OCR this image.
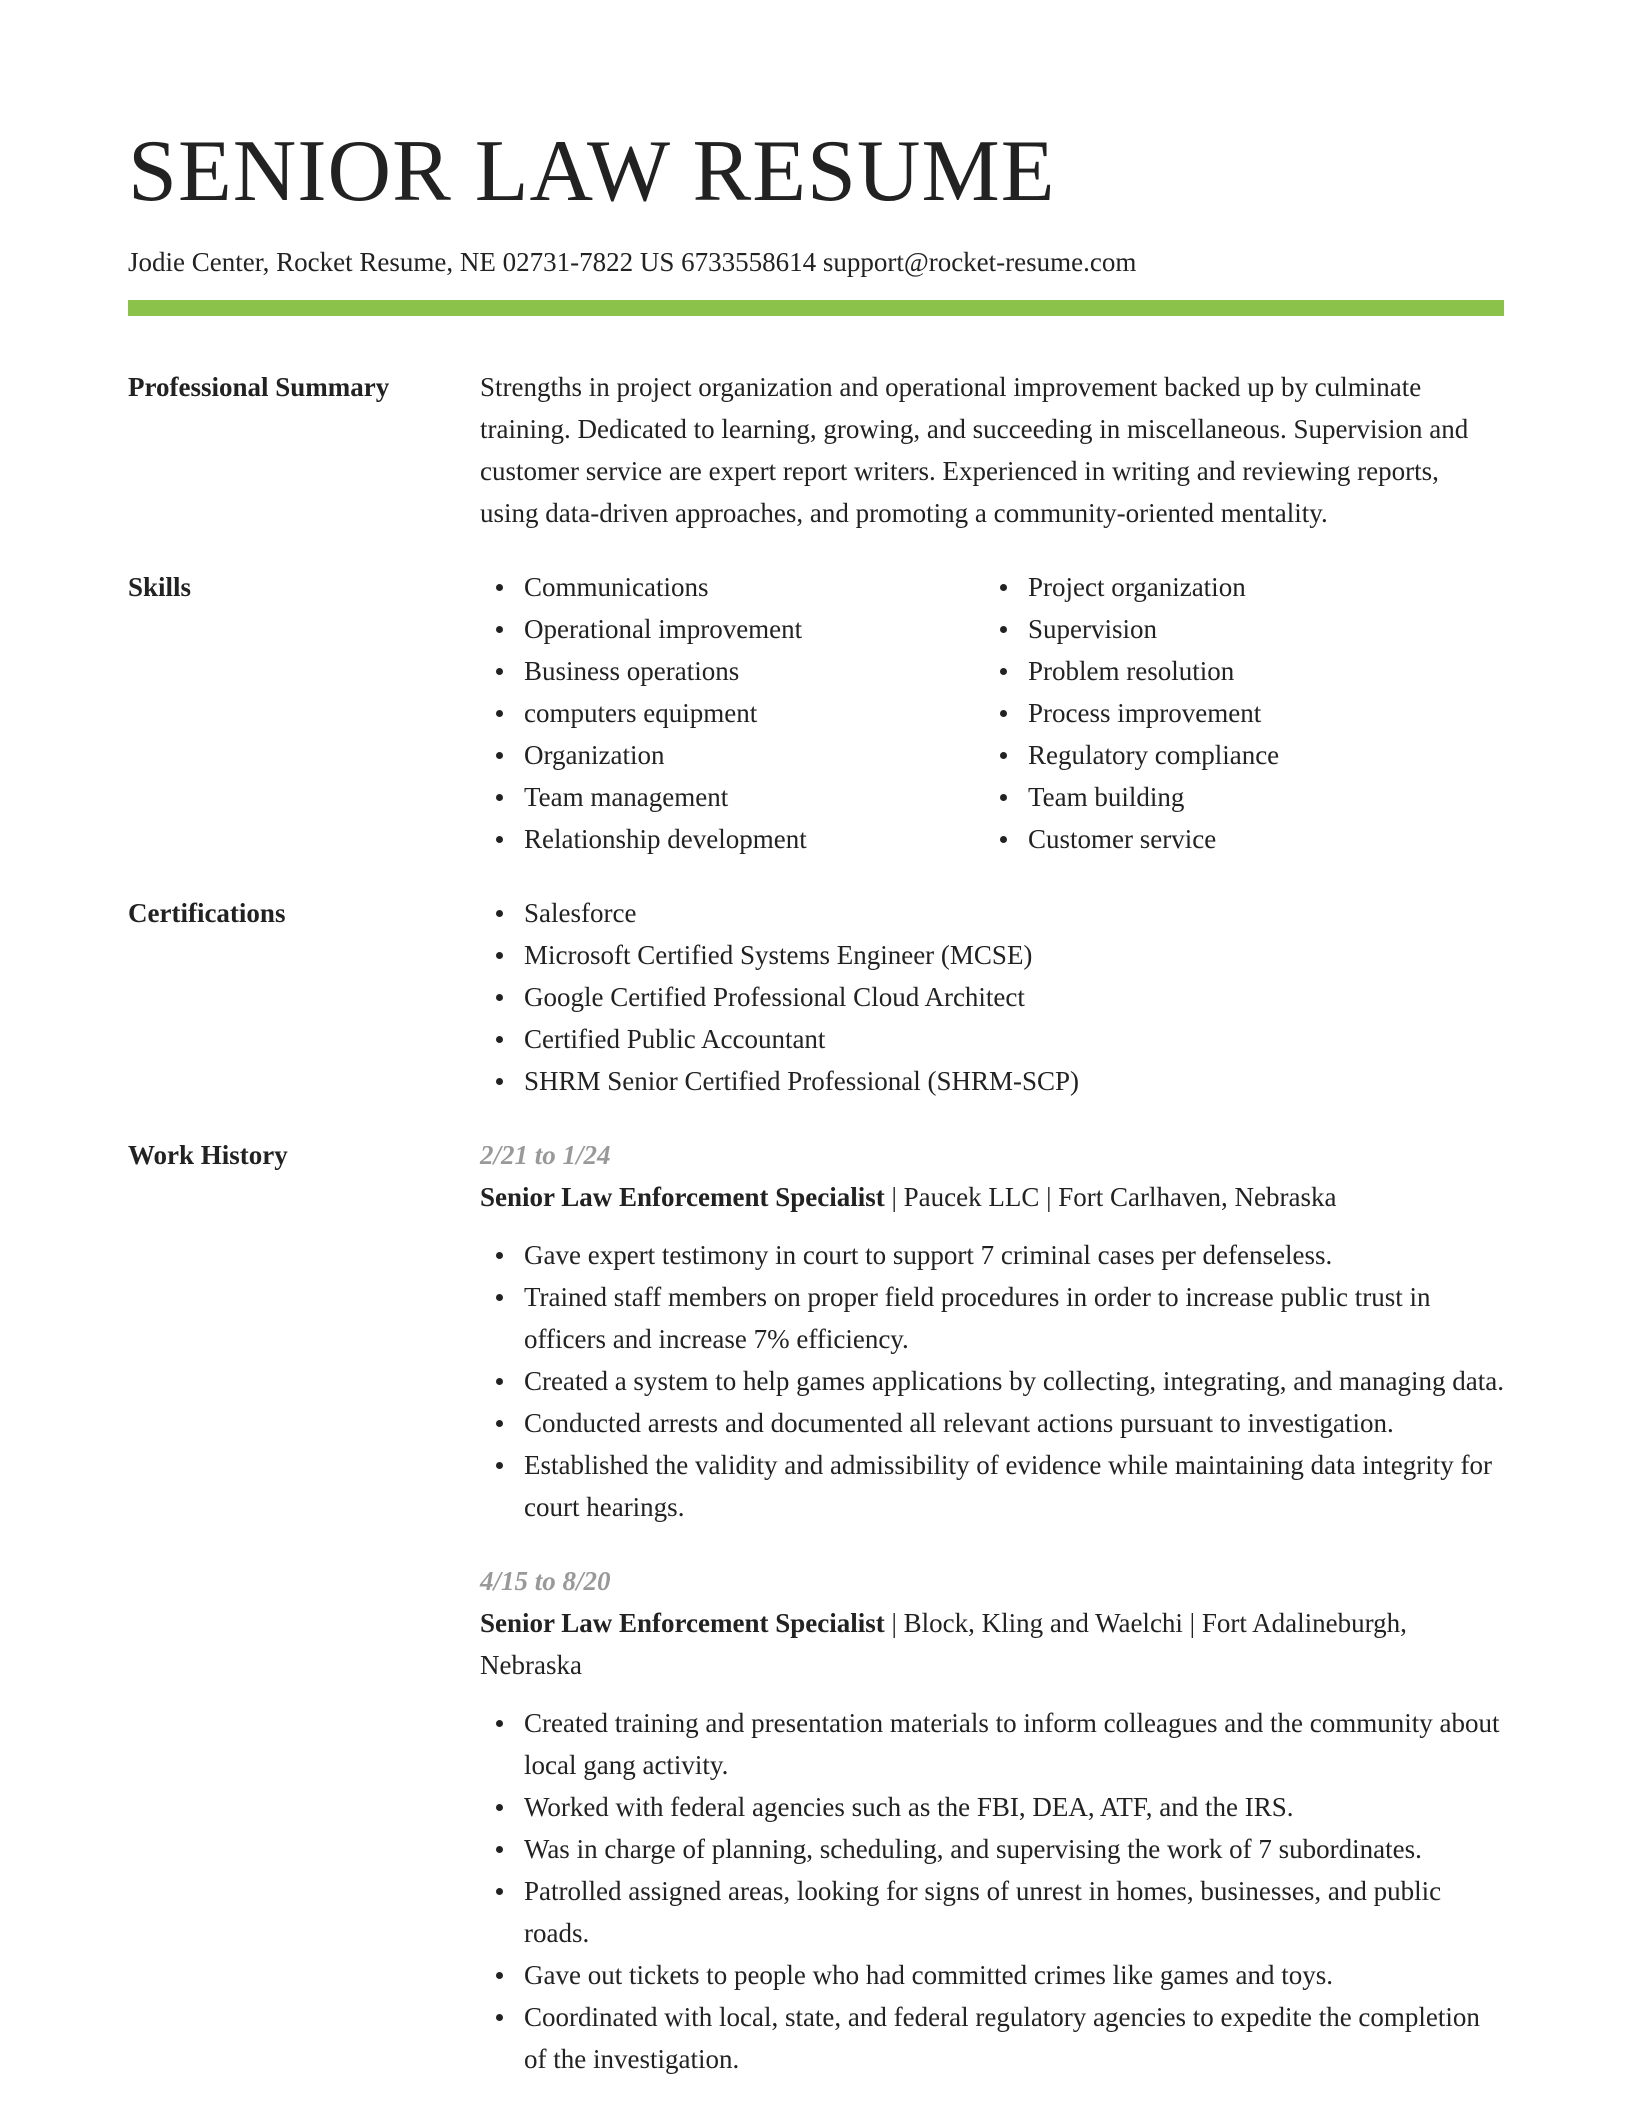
SENIOR LAW RESUME
Jodie Center, Rocket Resume, NE 02731-7822 US 6733558614 support@rocket-resume.com
Professional Summary	Strengths in project organization and operational improvement backed up by culminate training. Dedicated to learning, growing, and succeeding in miscellaneous. Supervision and customer service are expert report writers. Experienced in writing and reviewing reports, using data-driven approaches, and promoting a community-oriented mentality.

Skills	Communications
Operational improvement
Business operations
computers equipment
Organization
Team management
Relationship development
Project organization
Supervision
Problem resolution
Process improvement
Regulatory compliance
Team building
Customer service
Certifications	Salesforce
Microsoft Certified Systems Engineer (MCSE)
Google Certified Professional Cloud Architect
Certified Public Accountant
SHRM Senior Certified Professional (SHRM-SCP)
Work History	2/21 to 1/24
Senior Law Enforcement Specialist | Paucek LLC | Fort Carlhaven, Nebraska
Gave expert testimony in court to support 7 criminal cases per defenseless.
Trained staff members on proper field procedures in order to increase public trust in officers and increase 7% efficiency.
Created a system to help games applications by collecting, integrating, and managing data.
Conducted arrests and documented all relevant actions pursuant to investigation.
Established the validity and admissibility of evidence while maintaining data integrity for court hearings.
4/15 to 8/20
Senior Law Enforcement Specialist | Block, Kling and Waelchi | Fort Adalineburgh, Nebraska
Created training and presentation materials to inform colleagues and the community about local gang activity.
Worked with federal agencies such as the FBI, DEA, ATF, and the IRS.
Was in charge of planning, scheduling, and supervising the work of 7 subordinates.
Patrolled assigned areas, looking for signs of unrest in homes, businesses, and public roads.
Gave out tickets to people who had committed crimes like games and toys.
Coordinated with local, state, and federal regulatory agencies to expedite the completion of the investigation.
